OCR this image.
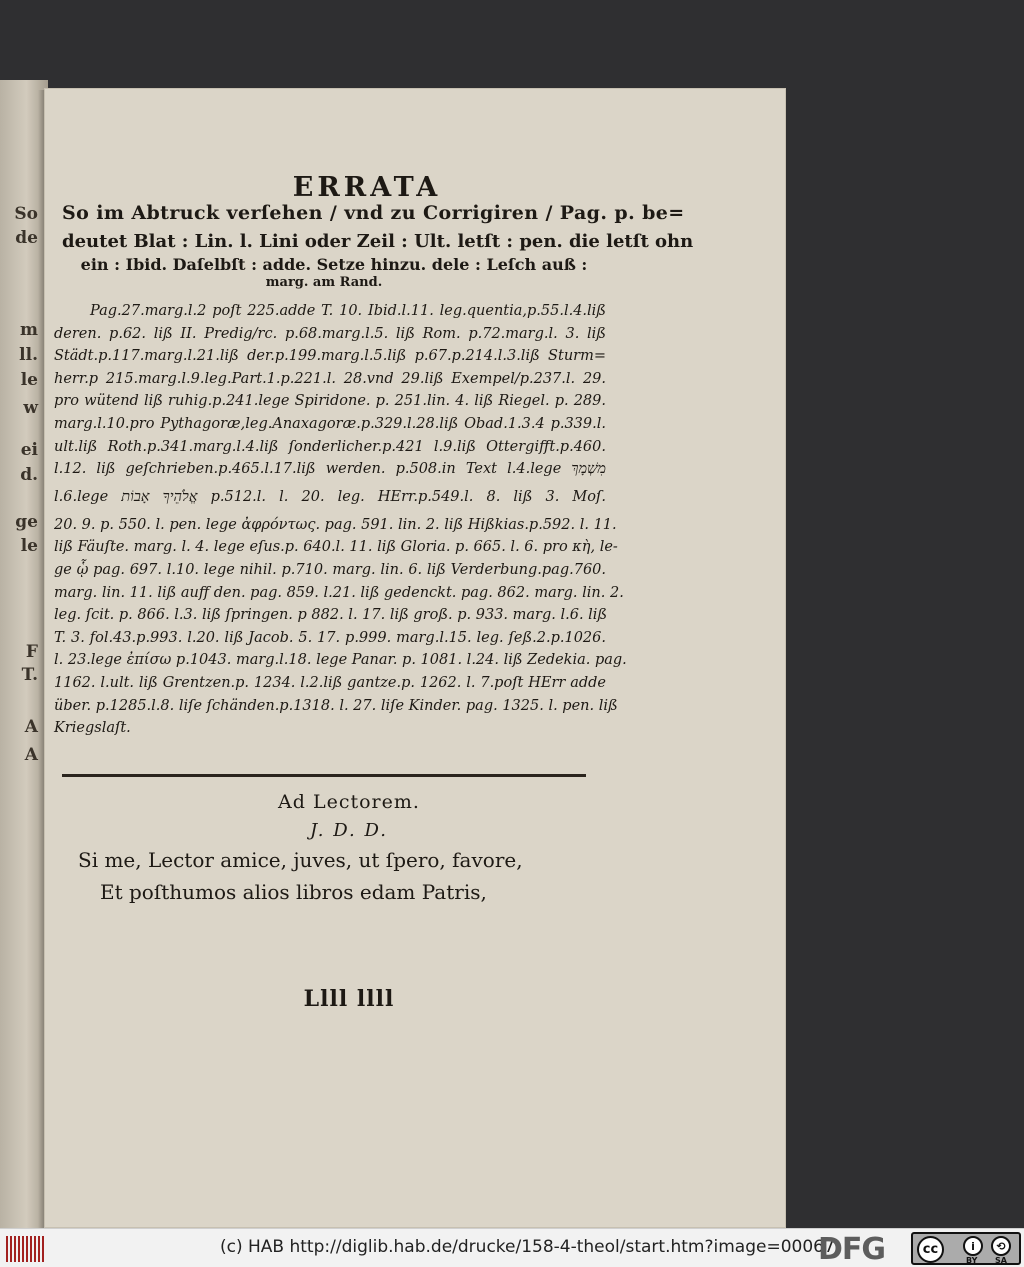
So
de
m
ll.
le
w
ei
d.
ge
le
F
T.
A
A
ERRATA
So im Abtruck verſehen / vnd zu Corrigiren / Pag. p. be=
deutet Blat : Lin. l. Lini oder Zeil : Ult. letſt : pen. die letſt ohn
ein : Ibid. Daſelbſt : adde. Setze hinzu. dele : Leſch auß :
marg. am Rand.
Pag.27.marg.l.2 poſt 225.adde T. 10. Ibid.l.11. leg.quentia,p.55.l.4.liß
deren. p.62. liß II. Predig/rc. p.68.marg.l.5. liß Rom. p.72.marg.l. 3. liß
Städt.p.117.marg.l.21.liß der.p.199.marg.l.5.liß p.67.p.214.l.3.liß Sturm=
herr.p 215.marg.l.9.leg.Part.1.p.221.l. 28.vnd 29.liß Exempel/p.237.l. 29.
pro wütend liß ruhig.p.241.lege Spiridone. p. 251.lin. 4. liß Riegel. p. 289.
marg.l.10.pro Pythagoræ,leg.Anaxagoræ.p.329.l.28.liß Obad.1.3.4 p.339.l.
ult.liß Roth.p.341.marg.l.4.liß ſonderlicher.p.421 l.9.liß Ottergifft.p.460.
l.12. liß geſchrieben.p.465.l.17.liß werden. p.508.in Text l.4.lege מִשְׁמָךְ
l.6.lege אֱלֹהֵיךָ אָבוֹת p.512.l. l. 20. leg. HErr.p.549.l. 8. liß 3. Moſ.
20. 9. p. 550. l. pen. lege ἀφρόντως. pag. 591. lin. 2. liß Hißkias.p.592. l. 11.
liß Fäuſte. marg. l. 4. lege eſus.p. 640.l. 11. liß Gloria. p. 665. l. 6. pro κὴ, le-
ge ᾧ pag. 697. l.10. lege nihil. p.710. marg. lin. 6. liß Verderbung.pag.760.
marg. lin. 11. liß auff den. pag. 859. l.21. liß gedenckt. pag. 862. marg. lin. 2.
leg. ſcit. p. 866. l.3. liß ſpringen. p 882. l. 17. liß groß. p. 933. marg. l.6. liß
T. 3. fol.43.p.993. l.20. liß Jacob. 5. 17. p.999. marg.l.15. leg. ſeß.2.p.1026.
l. 23.lege ἐπίσω p.1043. marg.l.18. lege Panar. p. 1081. l.24. liß Zedekia. pag.
1162. l.ult. liß Grentzen.p. 1234. l.2.liß gantze.p. 1262. l. 7.poſt HErr adde
über. p.1285.l.8. liſe ſchänden.p.1318. l. 27. liſe Kinder. pag. 1325. l. pen. liß
Kriegslaſt.
Ad Lectorem.
J. D. D.
Si me, Lector amice, juves, ut ſpero, favore,
Et poſthumos alios libros edam Patris,
Llll llll
(c) HAB http://diglib.hab.de/drucke/158-4-theol/start.htm?image=00067
DFG	cc	i	⟲
BY SA
